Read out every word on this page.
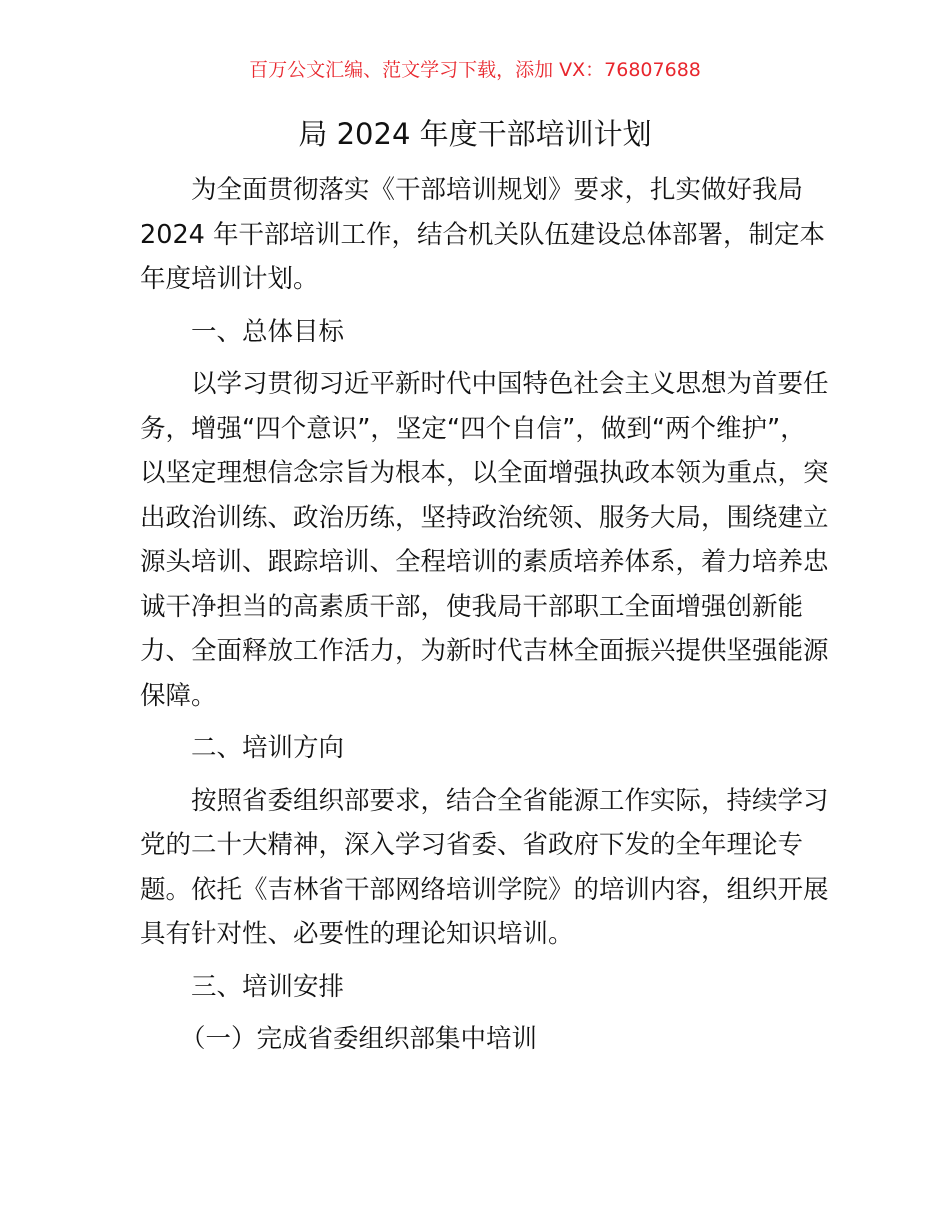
百万公文汇编、范文学习下载，添加 VX：76807688
局 2024 年度干部培训计划
为全面贯彻落实《干部培训规划》要求，扎实做好我局
2024 年干部培训工作，结合机关队伍建设总体部署，制定本
年度培训计划。
一、总体目标
以学习贯彻习近平新时代中国特色社会主义思想为首要任
务，增强“四个意识”，坚定“四个自信”，做到“两个维护”，
以坚定理想信念宗旨为根本，以全面增强执政本领为重点，突
出政治训练、政治历练，坚持政治统领、服务大局，围绕建立
源头培训、跟踪培训、全程培训的素质培养体系，着力培养忠
诚干净担当的高素质干部，使我局干部职工全面增强创新能
力、全面释放工作活力，为新时代吉林全面振兴提供坚强能源
保障。
二、培训方向
按照省委组织部要求，结合全省能源工作实际，持续学习
党的二十大精神，深入学习省委、省政府下发的全年理论专
题。依托《吉林省干部网络培训学院》的培训内容，组织开展
具有针对性、必要性的理论知识培训。
三、培训安排
（一）完成省委组织部集中培训
